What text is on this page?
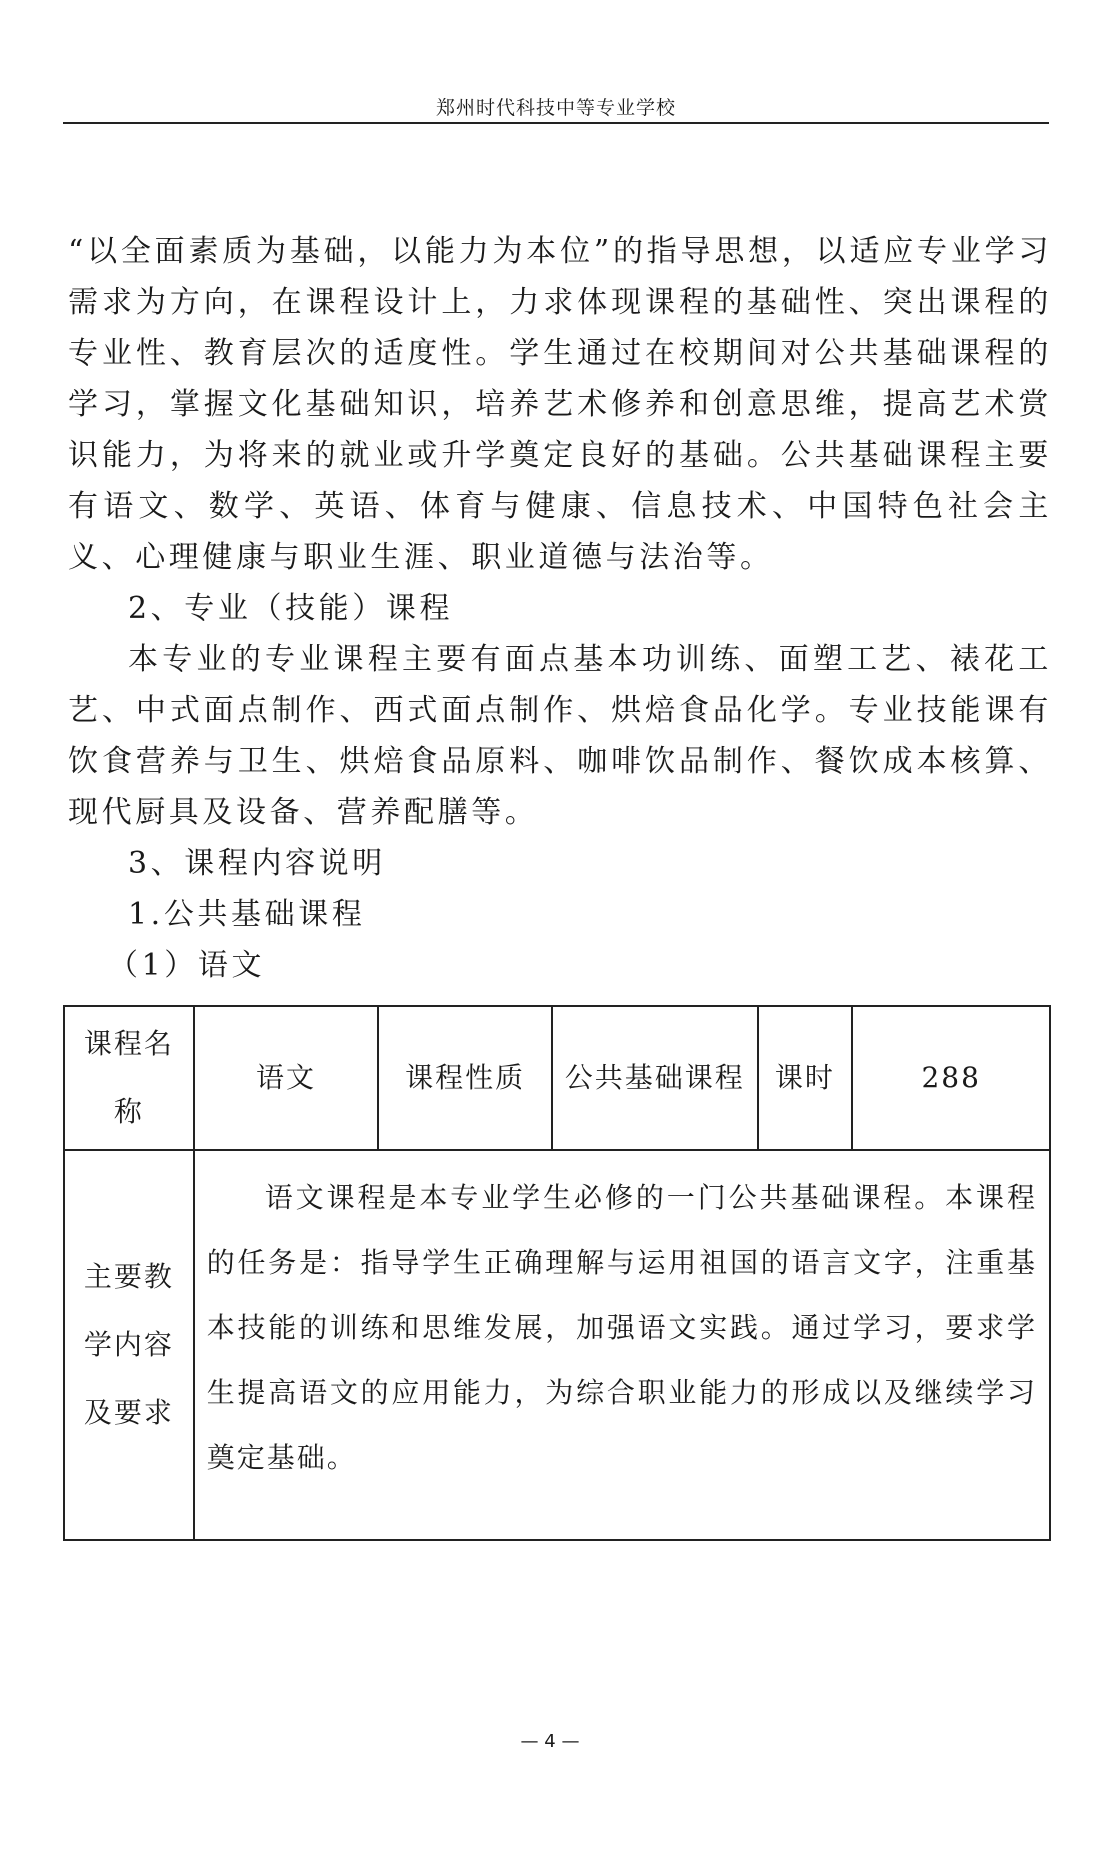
郑州时代科技中等专业学校

“以全面素质为基础，以能力为本位”的指导思想，以适应专业学习需求为方向，在课程设计上，力求体现课程的基础性、突出课程的专业性、教育层次的适度性。学生通过在校期间对公共基础课程的学习，掌握文化基础知识，培养艺术修养和创意思维，提高艺术赏识能力，为将来的就业或升学奠定良好的基础。公共基础课程主要有语文、数学、英语、体育与健康、信息技术、中国特色社会主义、心理健康与职业生涯、职业道德与法治等。

2、专业（技能）课程

本专业的专业课程主要有面点基本功训练、面塑工艺、裱花工艺、中式面点制作、西式面点制作、烘焙食品化学。专业技能课有饮食营养与卫生、烘焙食品原料、咖啡饮品制作、餐饮成本核算、现代厨具及设备、营养配膳等。

3、课程内容说明

1.公共基础课程

（1）语文

课程名称	语文	课程性质	公共基础课程	课时	288
主要教学内容及要求	语文课程是本专业学生必修的一门公共基础课程。本课程的任务是：指导学生正确理解与运用祖国的语言文字，注重基本技能的训练和思维发展，加强语文实践。通过学习，要求学生提高语文的应用能力，为综合职业能力的形成以及继续学习奠定基础。				
— 4 —
